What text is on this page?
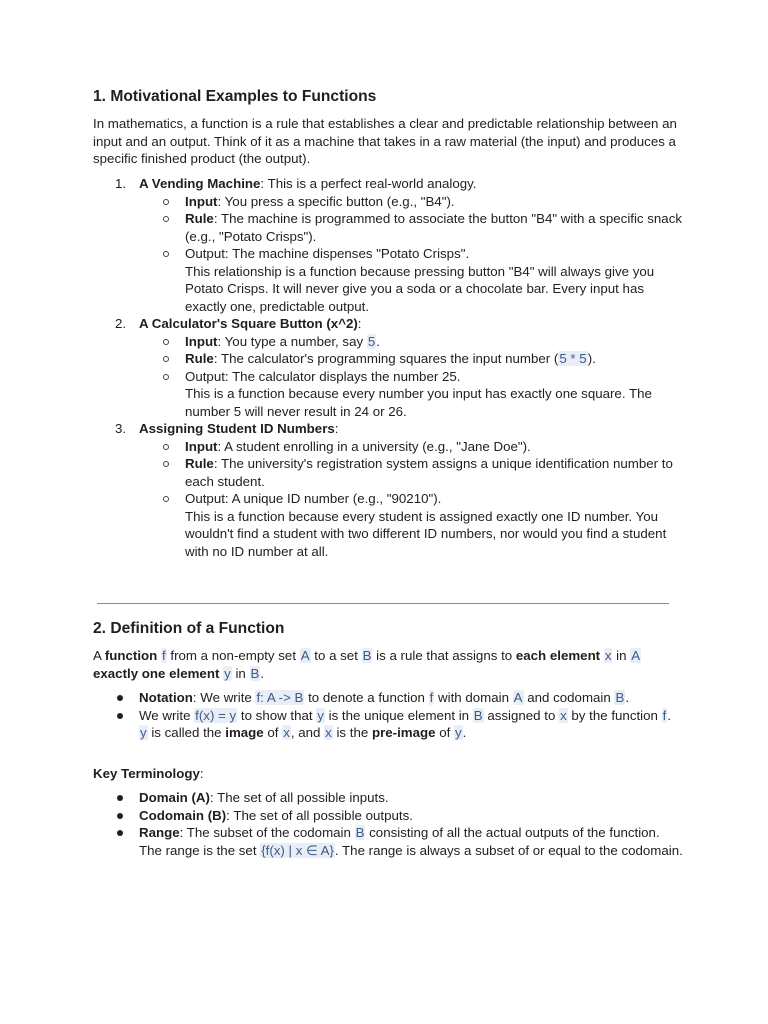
1. Motivational Examples to Functions

In mathematics, a function is a rule that establishes a clear and predictable relationship between an input and an output. Think of it as a machine that takes in a raw material (the input) and produces a specific finished product (the output).

1. A Vending Machine: This is a perfect real-world analogy.
Input: You press a specific button (e.g., "B4").
Rule: The machine is programmed to associate the button "B4" with a specific snack (e.g., "Potato Crisps").
Output: The machine dispenses "Potato Crisps".
This relationship is a function because pressing button "B4" will always give you Potato Crisps. It will never give you a soda or a chocolate bar. Every input has exactly one, predictable output.
2. A Calculator's Square Button (x^2):
Input: You type a number, say 5.
Rule: The calculator's programming squares the input number (5 * 5).
Output: The calculator displays the number 25.
This is a function because every number you input has exactly one square. The number 5 will never result in 24 or 26.
3. Assigning Student ID Numbers:
Input: A student enrolling in a university (e.g., "Jane Doe").
Rule: The university's registration system assigns a unique identification number to each student.
Output: A unique ID number (e.g., "90210").
This is a function because every student is assigned exactly one ID number. You wouldn't find a student with two different ID numbers, nor would you find a student with no ID number at all.
2. Definition of a Function

A function f from a non-empty set A to a set B is a rule that assigns to each element x in A exactly one element y in B.

Notation: We write f: A -> B to denote a function f with domain A and codomain B.
We write f(x) = y to show that y is the unique element in B assigned to x by the function f. y is called the image of x, and x is the pre-image of y.

Key Terminology:

Domain (A): The set of all possible inputs.
Codomain (B): The set of all possible outputs.
Range: The subset of the codomain B consisting of all the actual outputs of the function. The range is the set {f(x) | x ∈ A}. The range is always a subset of or equal to the codomain.
